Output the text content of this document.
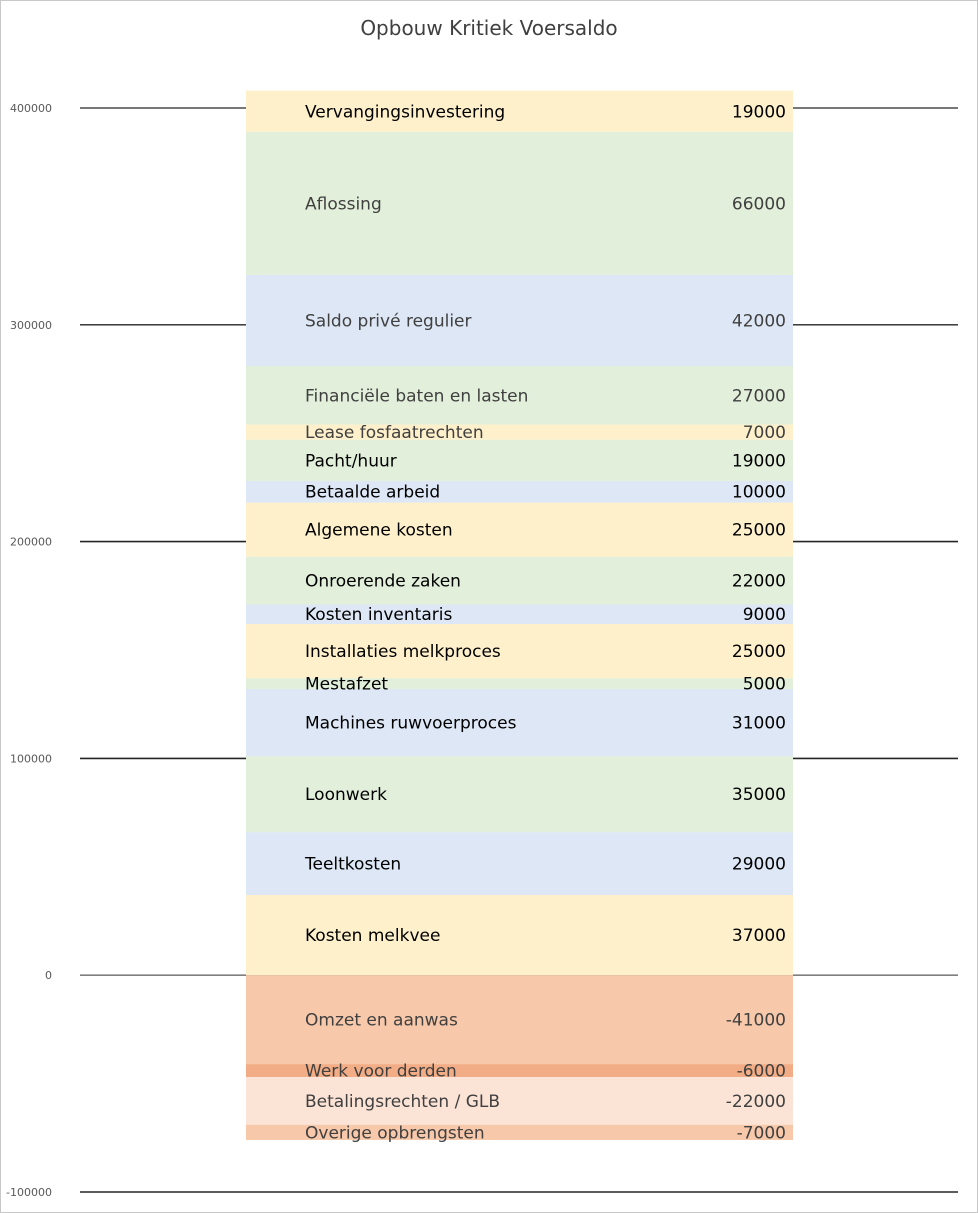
Opbouw Kritiek Voersaldo
Kosten melkvee	37000
Teeltkosten	29000
Loonwerk	35000
Machines ruwvoerproces	31000
Mestafzet	5000
Installaties melkproces	25000
Kosten inventaris	9000
Onroerende zaken	22000
Algemene kosten	25000
Betaalde arbeid	10000
Pacht/huur	19000
Lease fosfaatrechten	7000
Financiële baten en lasten	27000
Saldo privé regulier	42000
Aflossing	66000
Vervangingsinvestering	19000
Omzet en aanwas	-41000
Werk voor derden	-6000
Betalingsrechten / GLB	-22000
Overige opbrengsten	-7000
400000
300000
200000
100000
0
-100000
